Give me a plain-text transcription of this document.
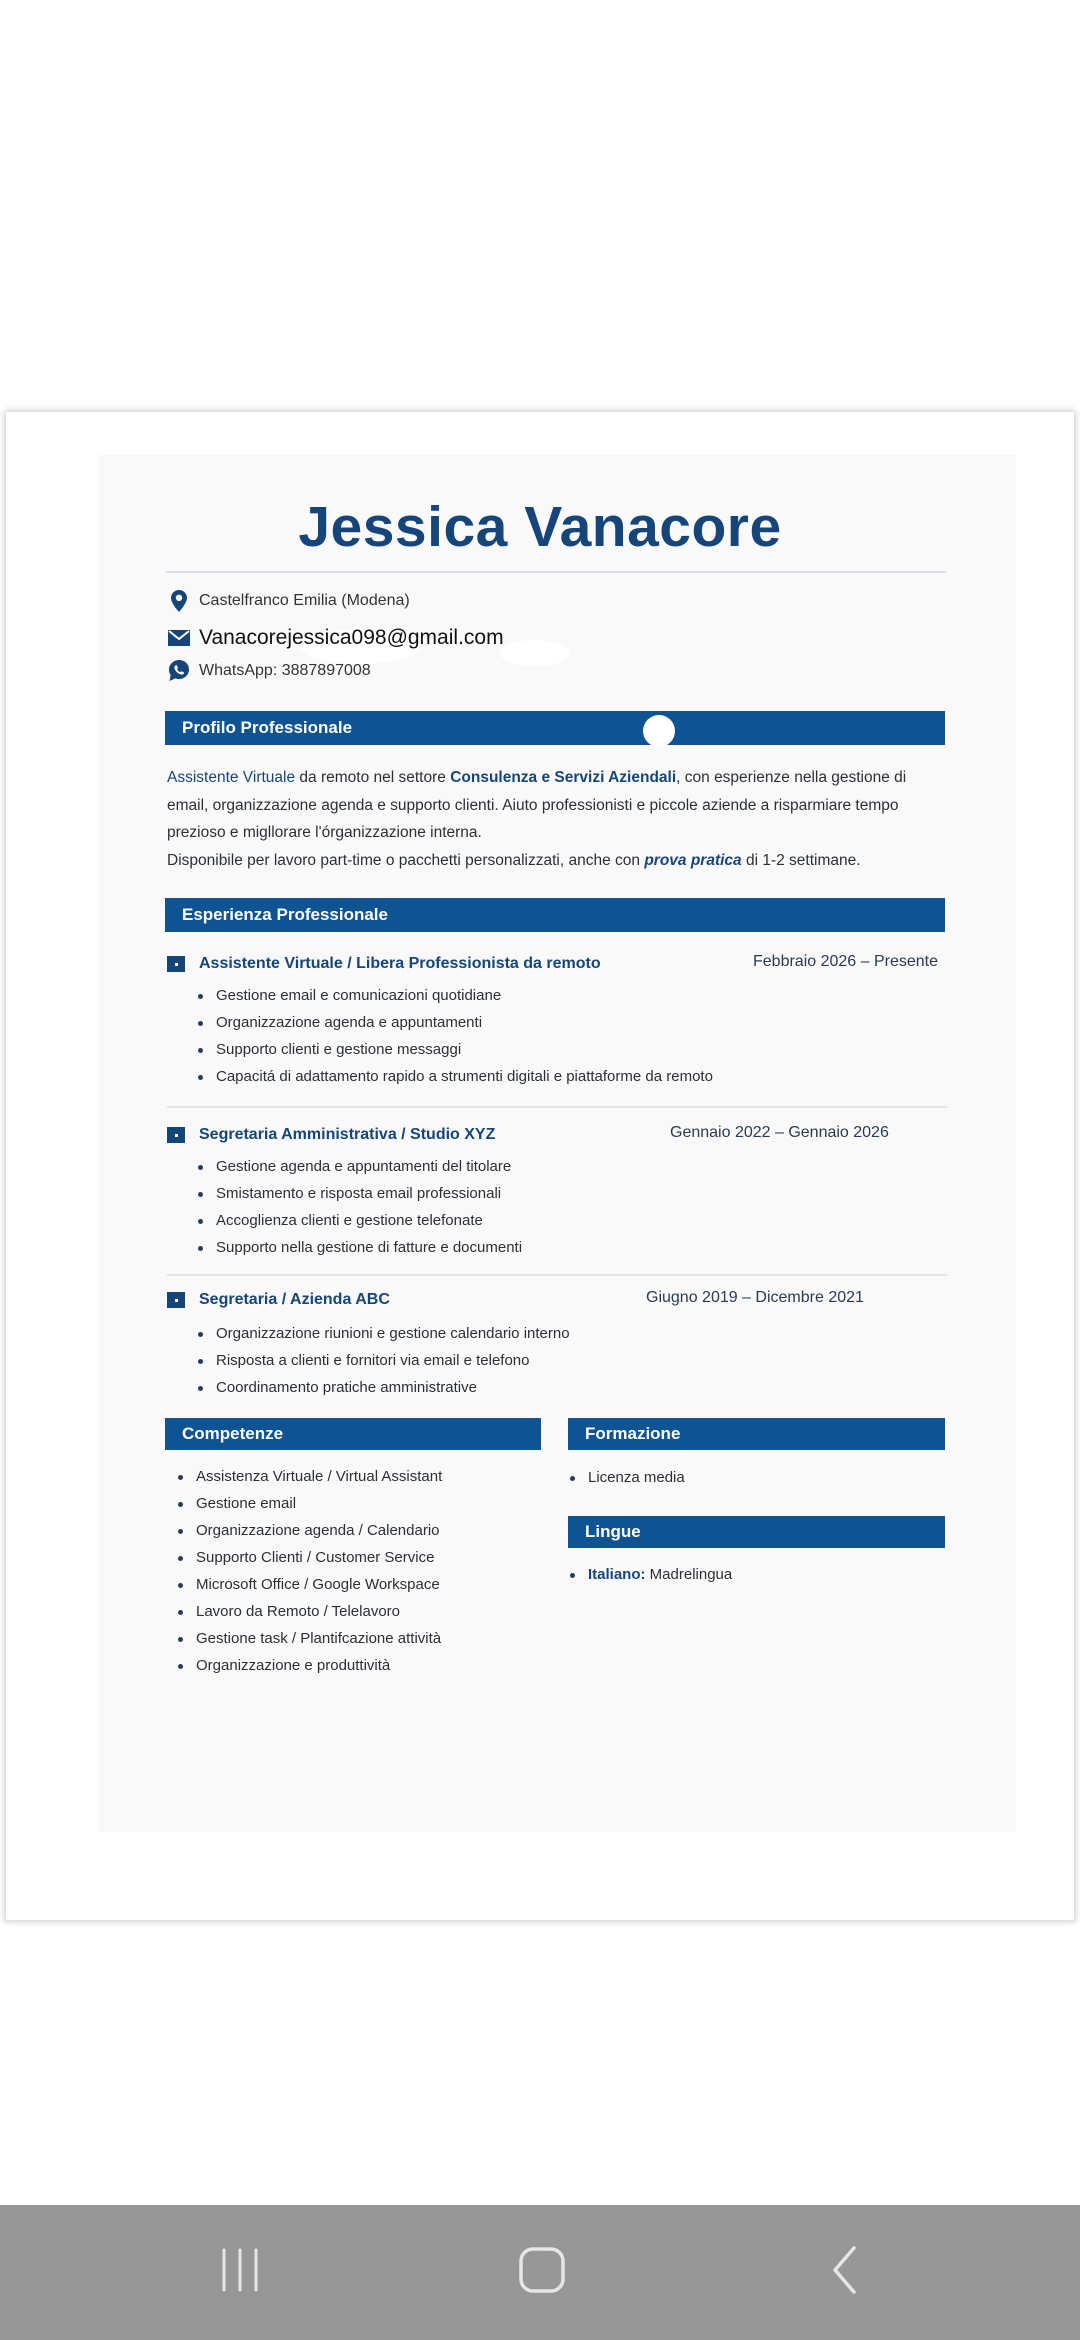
Jessica Vanacore
Castelfranco Emilia (Modena)
Vanacorejessica098@gmail.com
WhatsApp: 3887897008
Profilo Professionale
Assistente Virtuale da remoto nel settore Consulenza e Servizi Aziendali, con esperienze nella gestione di email, organizzazione agenda e supporto clienti. Aiuto professionisti e piccole aziende a risparmiare tempo prezioso e migllorare l'órganizzazione interna.
Disponibile per lavoro part-time o pacchetti personalizzati, anche con prova pratica di 1-2 settimane.
Esperienza Professionale
Assistente Virtuale / Libera Professionista da remoto	Febbraio 2026 – Presente
Gestione email e comunicazioni quotidiane
Organizzazione agenda e appuntamenti
Supporto clienti e gestione messaggi
Capacitá di adattamento rapido a strumenti digitali e piattaforme da remoto
Segretaria Amministrativa / Studio XYZ	Gennaio 2022 – Gennaio 2026
Gestione agenda e appuntamenti del titolare
Smistamento e risposta email professionali
Accoglienza clienti e gestione telefonate
Supporto nella gestione di fatture e documenti
Segretaria / Azienda ABC	Giugno 2019 – Dicembre 2021
Organizzazione riunioni e gestione calendario interno
Risposta a clienti e fornitori via email e telefono
Coordinamento pratiche amministrative
Competenze
Assistenza Virtuale / Virtual Assistant
Gestione email
Organizzazione agenda / Calendario
Supporto Clienti / Customer Service
Microsoft Office / Google Workspace
Lavoro da Remoto / Telelavoro
Gestione task / Plantifcazione attività
Organizzazione e produttività
Formazione
Licenza media
Lingue
Italiano: Madrelingua
